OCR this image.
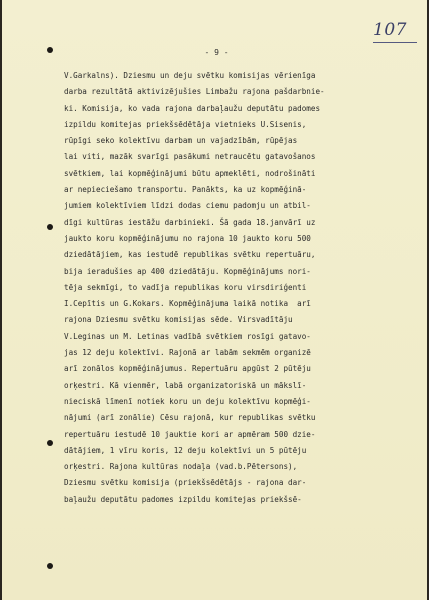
107
- 9 -
V.Garkalns). Dziesmu un deju svētku komisijas vērienīga
darba rezultātā aktivizējušies Limbažu rajona pašdarbnie-
ki. Komisija, ko vada rajona darbaļaužu deputātu padomes
izpildu komitejas priekšsēdētāja vietnieks U.Sisenis,
rūpīgi seko kolektīvu darbam un vajadzībām, rūpējas
lai viti, mazāk svarīgi pasākumi netraucētu gatavošanos
svētkiem, lai kopmēģinājumi būtu apmeklēti, nodrošināti
ar nepieciešamo transportu. Panākts, ka uz kopmēģinā-
jumiem kolektīviem līdzi dodas ciemu padomju un atbil-
dīgi kultūras iestāžu darbinieki. Šā gada 18.janvārī uz
jaukto koru kopmēģinājumu no rajona 10 jaukto koru 500
dziedātājiem, kas iestudē republikas svētku repertuāru,
bija ieradušies ap 400 dziedātāju. Kopmēģinājums nori-
tēja sekmīgi, to vadīja republikas koru virsdiriģenti
I.Cepītis un G.Kokars. Kopmēģinājuma laikā notika  arī
rajona Dziesmu svētku komisijas sēde. Virsvadītāju
V.Leginas un M. Letinas vadībā svētkiem rosīgi gatavo-
jas 12 deju kolektīvi. Rajonā ar labām sekmēm organizē
arī zonālos kopmēģinājumus. Repertuāru apgūst 2 pūtēju
orķestri. Kā vienmēr, labā organizatoriskā un mākslī-
nieciskā līmenī notiek koru un deju kolektīvu kopmēģi-
nājumi (arī zonālie) Cēsu rajonā, kur republikas svētku
repertuāru iestudē 10 jauktie kori ar apmēram 500 dzie-
dātājiem, 1 vīru koris, 12 deju kolektīvi un 5 pūtēju
orķestri. Rajona kultūras nodaļa (vad.b.Pētersons),
Dziesmu svētku komisija (priekšsēdētājs - rajona dar-
baļaužu deputātu padomes izpildu komitejas priekšsē-
